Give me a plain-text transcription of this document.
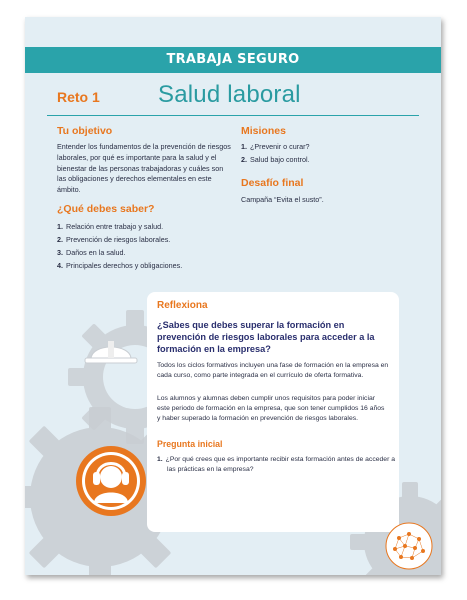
TRABAJA SEGURO
Reto 1 Salud laboral
Tu objetivo
Entender los fundamentos de la prevención de riesgos laborales, por qué es importante para la salud y el bienestar de las personas trabajadoras y cuáles son las obligaciones y derechos elementales en este ámbito.
¿Qué debes saber?
1. Relación entre trabajo y salud.
2. Prevención de riesgos laborales.
3. Daños en la salud.
4. Principales derechos y obligaciones.
Misiones
1. ¿Prevenir o curar?
2. Salud bajo control.
Desafío final
Campaña “Evita el susto”.
Reflexiona
¿Sabes que debes superar la formación en prevención de riesgos laborales para acceder a la formación en la empresa?
Todos los ciclos formativos incluyen una fase de formación en la empresa en cada curso, como parte integrada en el currículo de oferta formativa.
Los alumnos y alumnas deben cumplir unos requisitos para poder iniciar este periodo de formación en la empresa, que son tener cumplidos 16 años y haber superado la formación en prevención de riesgos laborales.
Pregunta inicial
1. ¿Por qué crees que es importante recibir esta formación antes de acceder a las prácticas en la empresa?
